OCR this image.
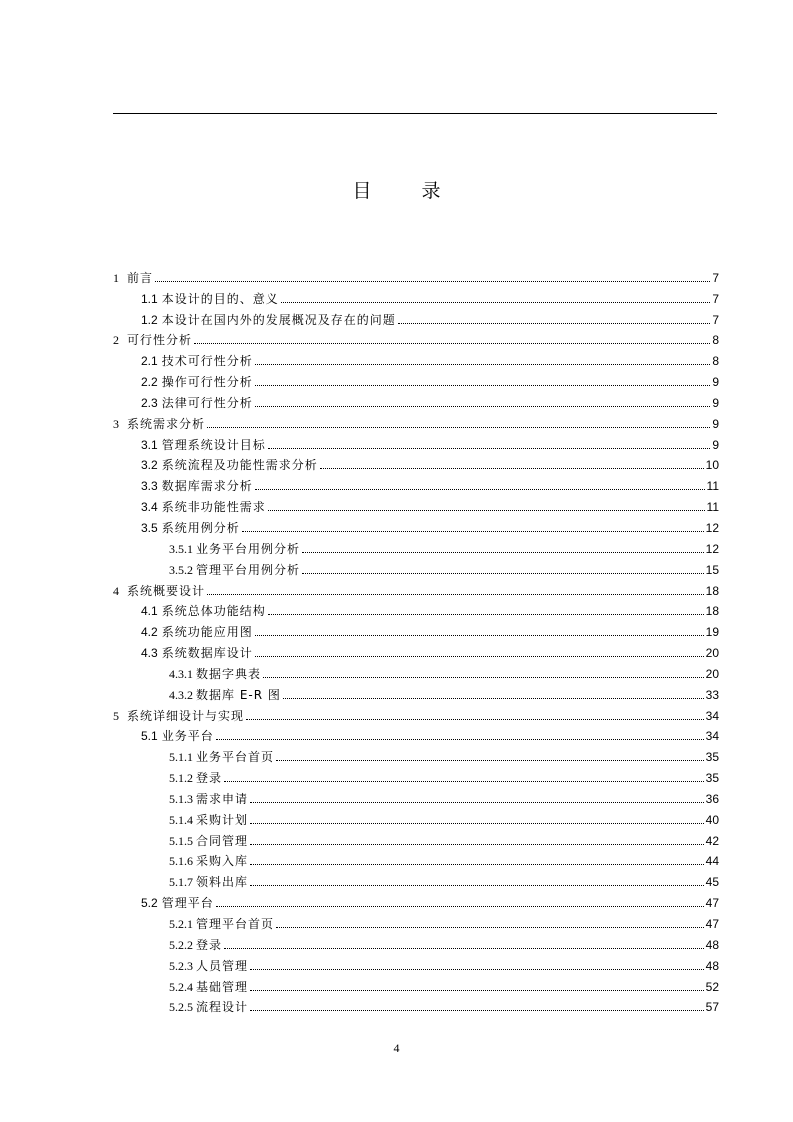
目 录
1 前言	7
1.1 本设计的目的、意义	7
1.2 本设计在国内外的发展概况及存在的问题	7
2 可行性分析	8
2.1 技术可行性分析	8
2.2 操作可行性分析	9
2.3 法律可行性分析	9
3 系统需求分析	9
3.1 管理系统设计目标	9
3.2 系统流程及功能性需求分析	10
3.3 数据库需求分析	11
3.4 系统非功能性需求	11
3.5 系统用例分析	12
3.5.1 业务平台用例分析	12
3.5.2 管理平台用例分析	15
4 系统概要设计	18
4.1 系统总体功能结构	18
4.2 系统功能应用图	19
4.3 系统数据库设计	20
4.3.1 数据字典表	20
4.3.2 数据库 E-R 图	33
5 系统详细设计与实现	34
5.1 业务平台	34
5.1.1 业务平台首页	35
5.1.2 登录	35
5.1.3 需求申请	36
5.1.4 采购计划	40
5.1.5 合同管理	42
5.1.6 采购入库	44
5.1.7 领料出库	45
5.2 管理平台	47
5.2.1 管理平台首页	47
5.2.2 登录	48
5.2.3 人员管理	48
5.2.4 基础管理	52
5.2.5 流程设计	57
4
